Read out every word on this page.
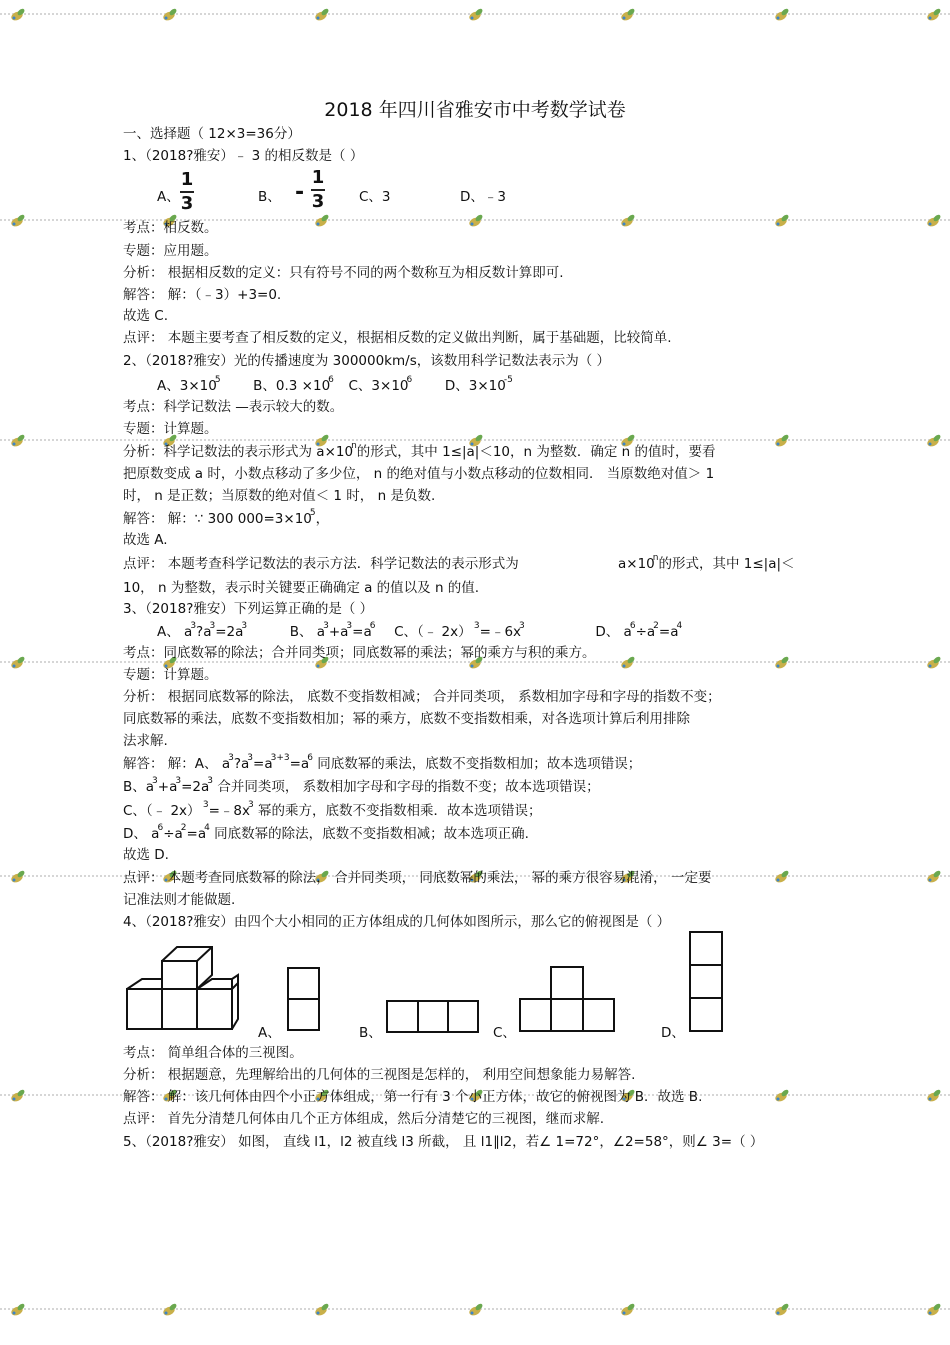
2018 年四川省雅安市中考数学试卷
一、选择题（ 12×3=36分）
1、（2018?雅安）﹣ 3 的相反数是（ ）
A、
1
3	B、 -
1
3	C、3	D、﹣3
考点：相反数。
专题：应用题。
分析： 根据相反数的定义：只有符号不同的两个数称互为相反数计算即可.
解答： 解：（﹣3）+3=0.
故选 C.
点评： 本题主要考查了相反数的定义，根据相反数的定义做出判断，属于基础题，比较简单.
2、（2018?雅安）光的传播速度为 300000km/s，该数用科学记数法表示为（ ）
A、$3\times 10^5$ B、$0.3 \times 10^6$ C、$3\times 10^6$ D、$3\times 10^{-5}$
考点：科学记数法 —表示较大的数。
专题：计算题。
分析：科学记数法的表示形式为 $a\times 10^n$的形式，其中 1≤|a|＜10，n 为整数．确定 n 的值时，要看
把原数变成 a 时，小数点移动了多少位， n 的绝对值与小数点移动的位数相同． 当原数绝对值＞ 1
时， n 是正数；当原数的绝对值＜ 1 时， n 是负数.
解答： 解：∵ 300 $000=3\times 10^5$，
故选 A.
点评： 本题考查科学记数法的表示方法．科学记数法的表示形式为	$a\times 10^n$的形式，其中 1≤|a|＜
10， n 为整数，表示时关键要正确确定 a 的值以及 n 的值.
3、（2018?雅安）下列运算正确的是（ ）
A、 $a^3?a^3=2a^3$	B、 $a^3+a^3=a^6$ C、（﹣ 2x） $^3=﹣6x^3$	D、 $a^6\div a^2=a^4$
考点：同底数幂的除法；合并同类项；同底数幂的乘法；幂的乘方与积的乘方。
专题：计算题。
分析： 根据同底数幂的除法， 底数不变指数相减； 合并同类项， 系数相加字母和字母的指数不变；
同底数幂的乘法，底数不变指数相加；幂的乘方，底数不变指数相乘，对各选项计算后利用排除
法求解.
解答： 解：A、 $a^3?a^3=a^{3+3}=a^6$ 同底数幂的乘法，底数不变指数相加；故本选项错误；
B、$a^3+a^3=2a^3$ 合并同类项， 系数相加字母和字母的指数不变；故本选项错误；
C、（﹣ 2x） $^3=﹣8x^3$ 幂的乘方，底数不变指数相乘．故本选项错误；
D、 $a^6\div a^2=a^4$ 同底数幂的除法，底数不变指数相减；故本选项正确.
故选 D.
点评： 本题考查同底数幂的除法， 合并同类项， 同底数幂的乘法， 幂的乘方很容易混淆， 一定要
记准法则才能做题.
4、（2018?雅安）由四个大小相同的正方体组成的几何体如图所示，那么它的俯视图是（ ）
A、	B、	C、	D、
考点： 简单组合体的三视图。
分析： 根据题意，先理解给出的几何体的三视图是怎样的， 利用空间想象能力易解答.
解答： 解：该几何体由四个小正方体组成，第一行有 3 个小正方体，故它的俯视图为 B．故选 B.
点评： 首先分清楚几何体由几个正方体组成，然后分清楚它的三视图，继而求解.
5、（2018?雅安） 如图， 直线 l1，l2 被直线 l3 所截， 且 l1∥l2，若∠ 1=72°，∠2=58°，则∠ 3=（ ）
